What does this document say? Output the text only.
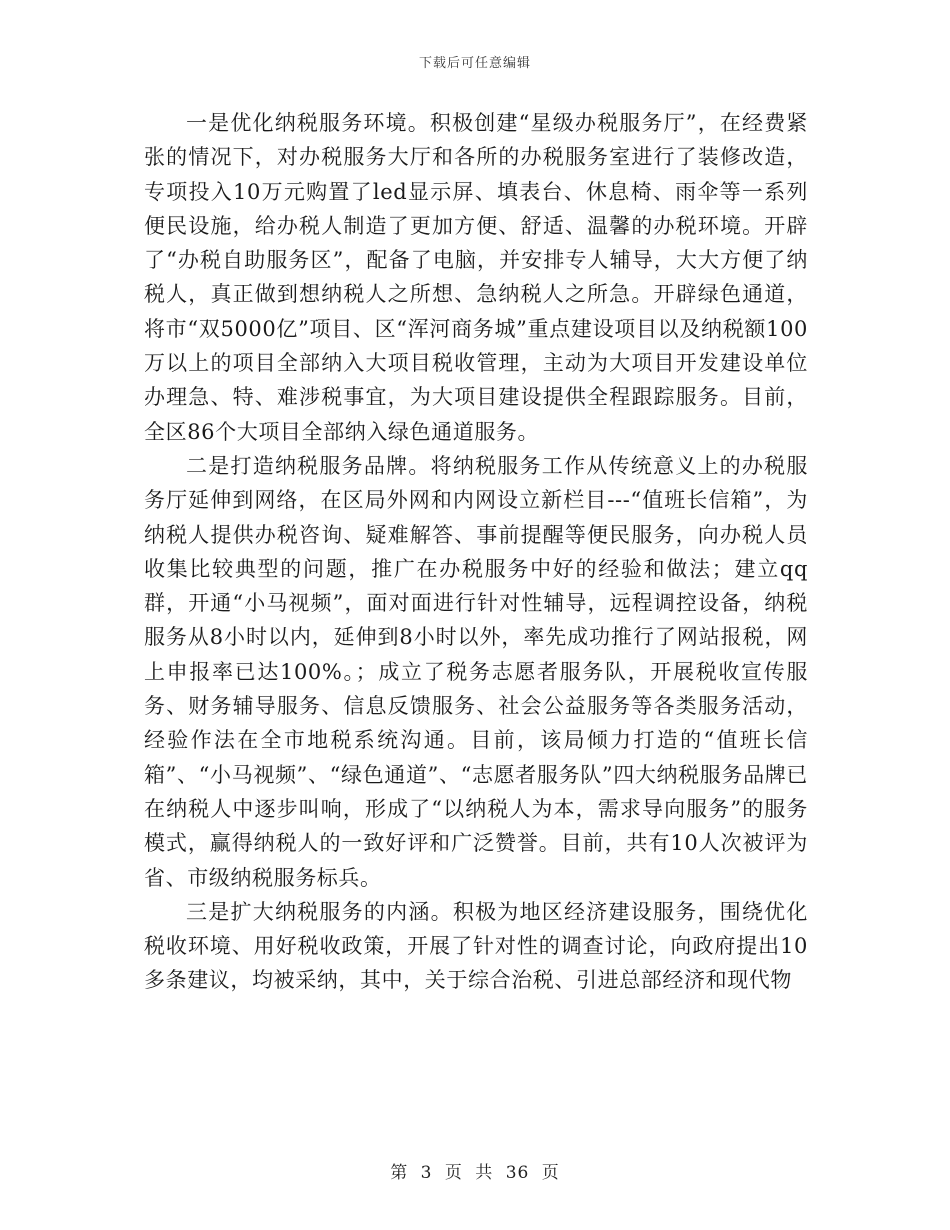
下载后可任意编辑

一是优化纳税服务环境。积极创建“星级办税服务厅”，在经费紧张的情况下，对办税服务大厅和各所的办税服务室进行了装修改造，专项投入10万元购置了led显示屏、填表台、休息椅、雨伞等一系列便民设施，给办税人制造了更加方便、舒适、温馨的办税环境。开辟了“办税自助服务区”，配备了电脑，并安排专人辅导，大大方便了纳税人，真正做到想纳税人之所想、急纳税人之所急。开辟绿色通道，将市“双5000亿”项目、区“浑河商务城”重点建设项目以及纳税额100万以上的项目全部纳入大项目税收管理，主动为大项目开发建设单位办理急、特、难涉税事宜，为大项目建设提供全程跟踪服务。目前，全区86个大项目全部纳入绿色通道服务。

二是打造纳税服务品牌。将纳税服务工作从传统意义上的办税服务厅延伸到网络，在区局外网和内网设立新栏目---“值班长信箱”，为纳税人提供办税咨询、疑难解答、事前提醒等便民服务，向办税人员收集比较典型的问题，推广在办税服务中好的经验和做法；建立qq群，开通“小马视频”，面对面进行针对性辅导，远程调控设备，纳税服务从8小时以内，延伸到8小时以外，率先成功推行了网站报税，网上申报率已达100%。；成立了税务志愿者服务队，开展税收宣传服务、财务辅导服务、信息反馈服务、社会公益服务等各类服务活动，经验作法在全市地税系统沟通。目前，该局倾力打造的“值班长信箱”、“小马视频”、“绿色通道”、“志愿者服务队”四大纳税服务品牌已在纳税人中逐步叫响，形成了“以纳税人为本，需求导向服务”的服务模式，赢得纳税人的一致好评和广泛赞誉。目前，共有10人次被评为省、市级纳税服务标兵。

三是扩大纳税服务的内涵。积极为地区经济建设服务，围绕优化税收环境、用好税收政策，开展了针对性的调查讨论，向政府提出10多条建议，均被采纳，其中，关于综合治税、引进总部经济和现代物

第 3 页 共 36 页
